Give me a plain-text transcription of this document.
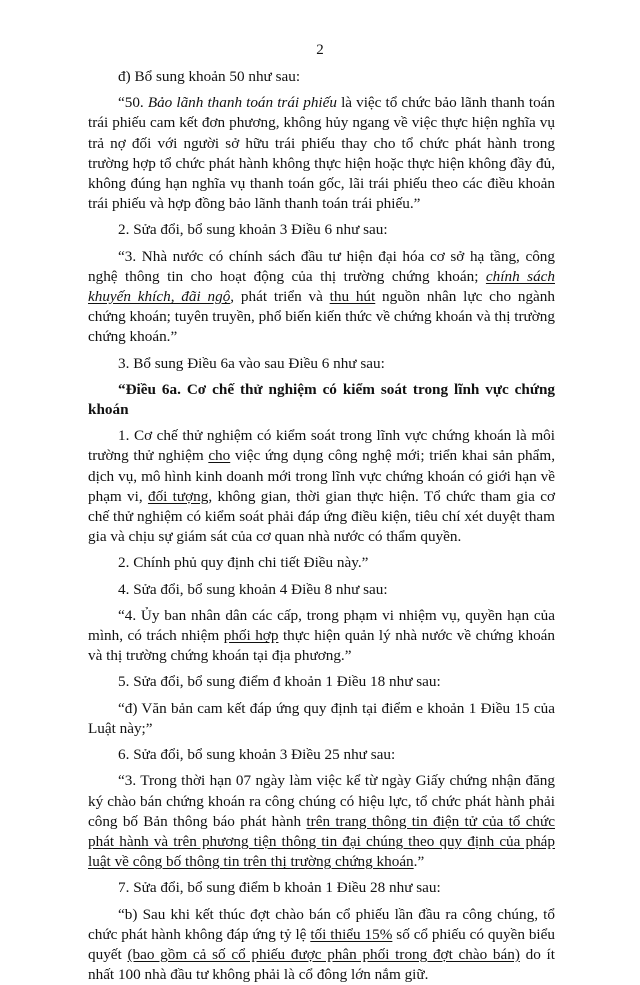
2

đ) Bổ sung khoản 50 như sau:

“50. Bảo lãnh thanh toán trái phiếu là việc tổ chức bảo lãnh thanh toán trái phiếu cam kết đơn phương, không hủy ngang về việc thực hiện nghĩa vụ trả nợ đối với người sở hữu trái phiếu thay cho tổ chức phát hành trong trường hợp tổ chức phát hành không thực hiện hoặc thực hiện không đầy đủ, không đúng hạn nghĩa vụ thanh toán gốc, lãi trái phiếu theo các điều khoản trái phiếu và hợp đồng bảo lãnh thanh toán trái phiếu.”

2. Sửa đổi, bổ sung khoản 3 Điều 6 như sau:

“3. Nhà nước có chính sách đầu tư hiện đại hóa cơ sở hạ tầng, công nghệ thông tin cho hoạt động của thị trường chứng khoán; chính sách khuyến khích, đãi ngộ, phát triển và thu hút nguồn nhân lực cho ngành chứng khoán; tuyên truyền, phổ biến kiến thức về chứng khoán và thị trường chứng khoán.”

3. Bổ sung Điều 6a vào sau Điều 6 như sau:

“Điều 6a. Cơ chế thử nghiệm có kiểm soát trong lĩnh vực chứng khoán

1. Cơ chế thử nghiệm có kiểm soát trong lĩnh vực chứng khoán là môi trường thử nghiệm cho việc ứng dụng công nghệ mới; triển khai sản phẩm, dịch vụ, mô hình kinh doanh mới trong lĩnh vực chứng khoán có giới hạn về phạm vi, đối tượng, không gian, thời gian thực hiện. Tổ chức tham gia cơ chế thử nghiệm có kiểm soát phải đáp ứng điều kiện, tiêu chí xét duyệt tham gia và chịu sự giám sát của cơ quan nhà nước có thẩm quyền.

2. Chính phủ quy định chi tiết Điều này.”

4. Sửa đổi, bổ sung khoản 4 Điều 8 như sau:

“4. Ủy ban nhân dân các cấp, trong phạm vi nhiệm vụ, quyền hạn của mình, có trách nhiệm phối hợp thực hiện quản lý nhà nước về chứng khoán và thị trường chứng khoán tại địa phương.”

5. Sửa đổi, bổ sung điểm đ khoản 1 Điều 18 như sau:

“đ) Văn bản cam kết đáp ứng quy định tại điểm e khoản 1 Điều 15 của Luật này;”

6. Sửa đổi, bổ sung khoản 3 Điều 25 như sau:

“3. Trong thời hạn 07 ngày làm việc kể từ ngày Giấy chứng nhận đăng ký chào bán chứng khoán ra công chúng có hiệu lực, tổ chức phát hành phải công bố Bản thông báo phát hành trên trang thông tin điện tử của tổ chức phát hành và trên phương tiện thông tin đại chúng theo quy định của pháp luật về công bố thông tin trên thị trường chứng khoán.”

7. Sửa đổi, bổ sung điểm b khoản 1 Điều 28 như sau:

“b) Sau khi kết thúc đợt chào bán cổ phiếu lần đầu ra công chúng, tổ chức phát hành không đáp ứng tỷ lệ tối thiểu 15% số cổ phiếu có quyền biểu quyết (bao gồm cả số cổ phiếu được phân phối trong đợt chào bán) do ít nhất 100 nhà đầu tư không phải là cổ đông lớn nắm giữ.
